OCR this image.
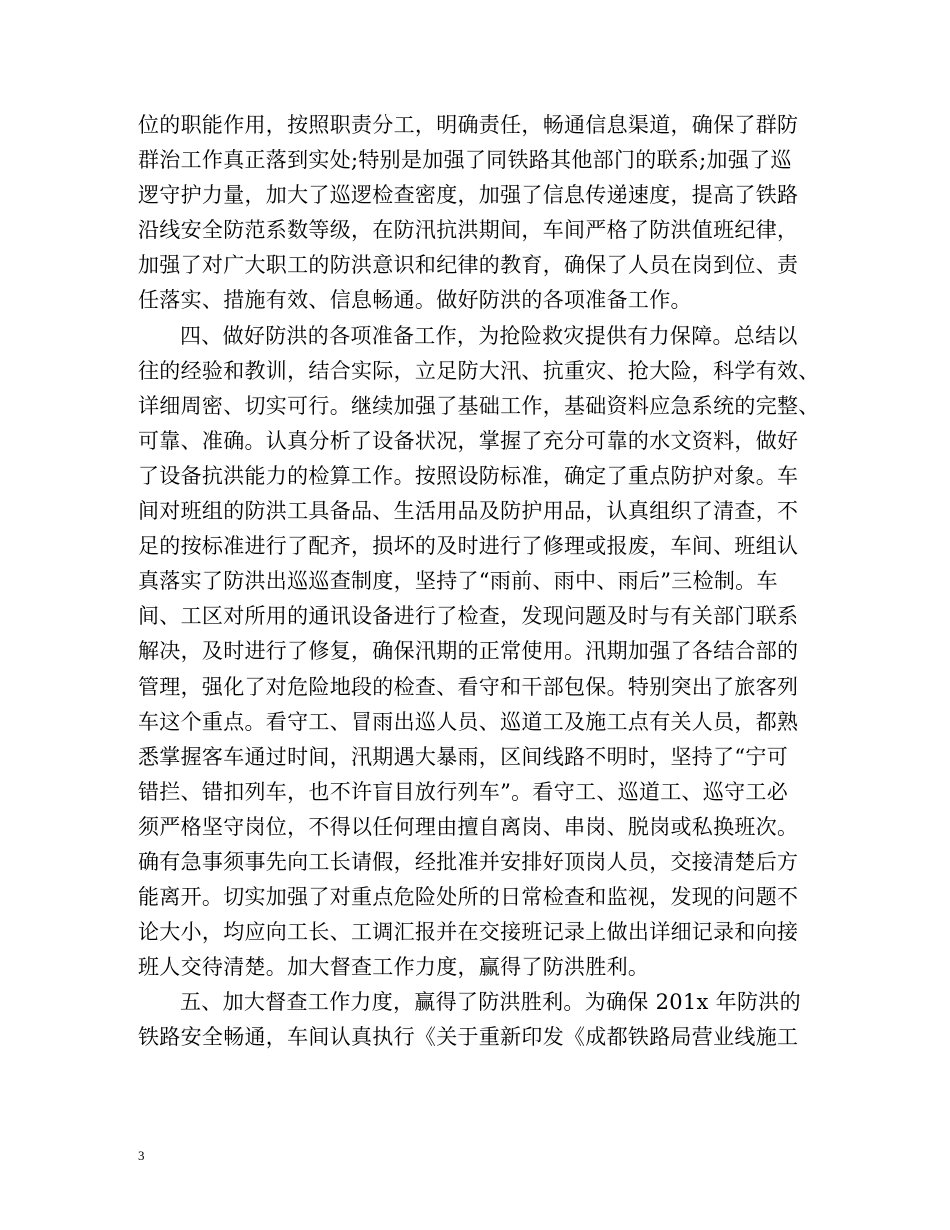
位的职能作用，按照职责分工，明确责任，畅通信息渠道，确保了群防
群治工作真正落到实处;特别是加强了同铁路其他部门的联系;加强了巡
逻守护力量，加大了巡逻检查密度，加强了信息传递速度，提高了铁路
沿线安全防范系数等级，在防汛抗洪期间，车间严格了防洪值班纪律，
加强了对广大职工的防洪意识和纪律的教育，确保了人员在岗到位、责
任落实、措施有效、信息畅通。做好防洪的各项准备工作。
四、做好防洪的各项准备工作，为抢险救灾提供有力保障。总结以
往的经验和教训，结合实际，立足防大汛、抗重灾、抢大险，科学有效、
详细周密、切实可行。继续加强了基础工作，基础资料应急系统的完整、
可靠、准确。认真分析了设备状况，掌握了充分可靠的水文资料，做好
了设备抗洪能力的检算工作。按照设防标准，确定了重点防护对象。车
间对班组的防洪工具备品、生活用品及防护用品，认真组织了清查，不
足的按标准进行了配齐，损坏的及时进行了修理或报废，车间、班组认
真落实了防洪出巡巡查制度，坚持了“雨前、雨中、雨后”三检制。车
间、工区对所用的通讯设备进行了检查，发现问题及时与有关部门联系
解决，及时进行了修复，确保汛期的正常使用。汛期加强了各结合部的
管理，强化了对危险地段的检查、看守和干部包保。特别突出了旅客列
车这个重点。看守工、冒雨出巡人员、巡道工及施工点有关人员，都熟
悉掌握客车通过时间，汛期遇大暴雨，区间线路不明时，坚持了“宁可
错拦、错扣列车，也不许盲目放行列车”。看守工、巡道工、巡守工必
须严格坚守岗位，不得以任何理由擅自离岗、串岗、脱岗或私换班次。
确有急事须事先向工长请假，经批准并安排好顶岗人员，交接清楚后方
能离开。切实加强了对重点危险处所的日常检查和监视，发现的问题不
论大小，均应向工长、工调汇报并在交接班记录上做出详细记录和向接
班人交待清楚。加大督查工作力度，赢得了防洪胜利。
五、加大督查工作力度，赢得了防洪胜利。为确保 201x 年防洪的
铁路安全畅通，车间认真执行《关于重新印发《成都铁路局营业线施工
3
